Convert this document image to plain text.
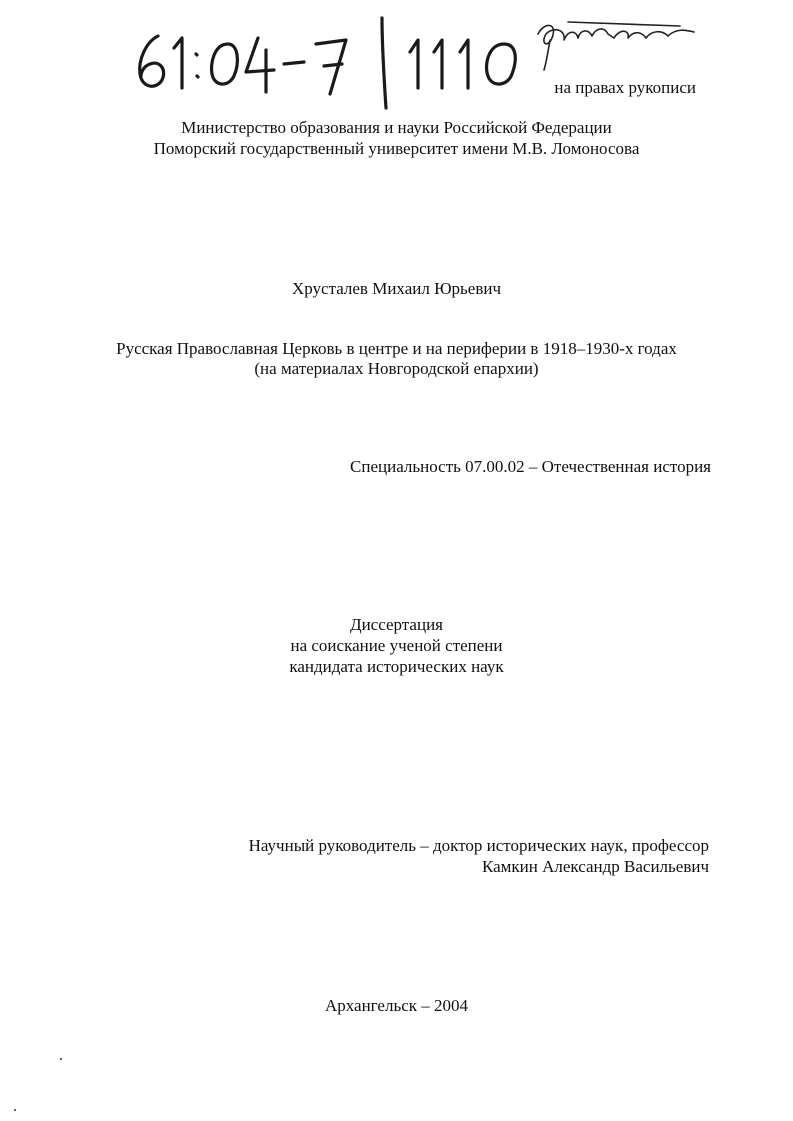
на правах рукописи
Министерство образования и науки Российской Федерации
Поморский государственный университет имени М.В. Ломоносова
Хрусталев Михаил Юрьевич
Русская Православная Церковь в центре и на периферии в 1918–1930-х годах
(на материалах Новгородской епархии)
Специальность 07.00.02 – Отечественная история
Диссертация
на соискание ученой степени
кандидата исторических наук
Научный руководитель – доктор исторических наук, профессор
Камкин Александр Васильевич
Архангельск – 2004
